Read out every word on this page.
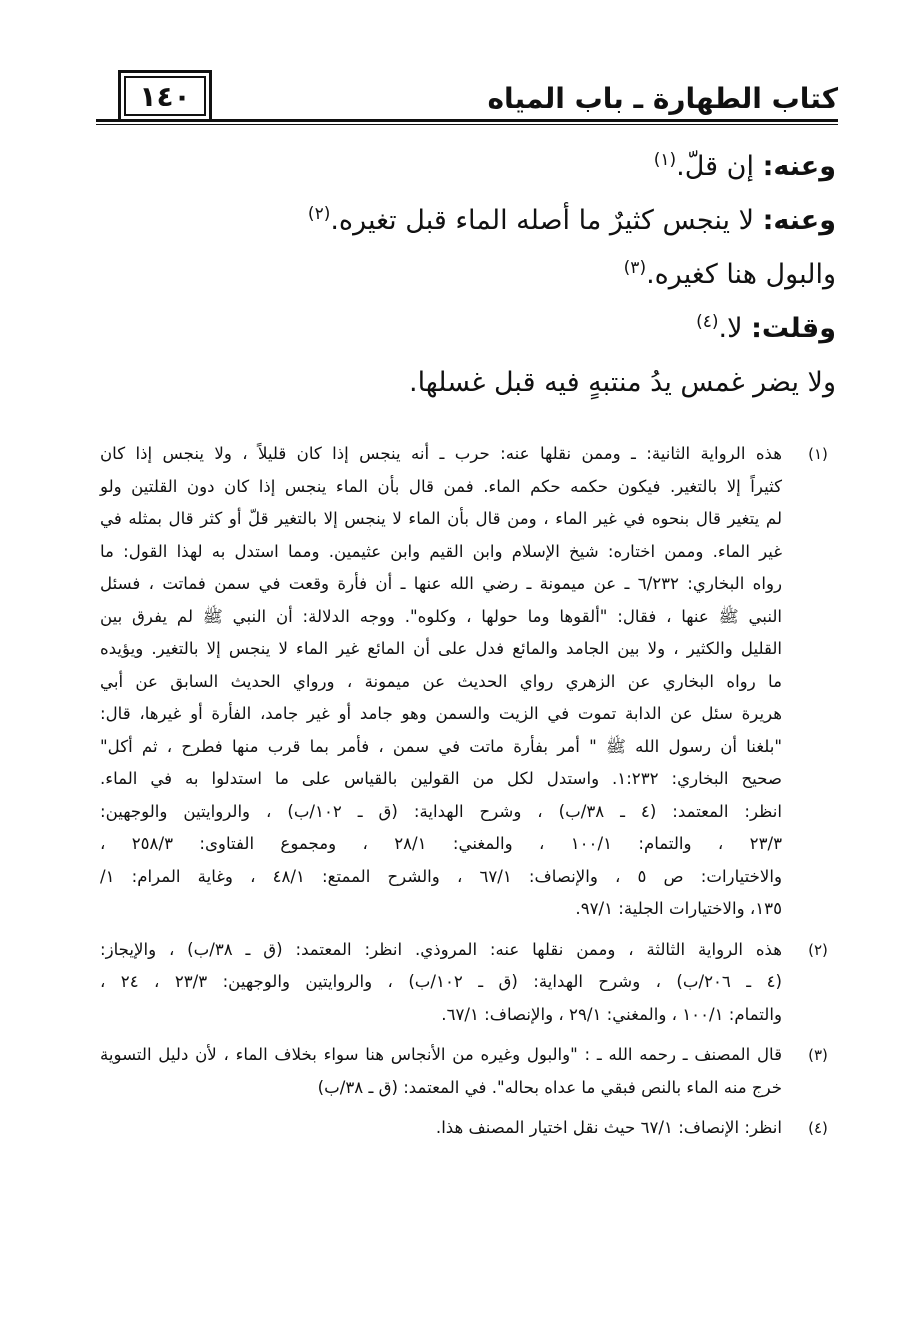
١٤٠	كتاب الطهارة ـ باب المياه
وعنه: إن قلّ.$^{(١)}$
وعنه: لا ينجس كثيرٌ ما أصله الماء قبل تغيره.$^{(٢)}$
والبول هنا كغيره.$^{(٣)}$
وقلت: لا.$^{(٤)}$
ولا يضر غمس يدُ منتبهٍ فيه قبل غسلها.
(١)
هذه الرواية الثانية: ـ وممن نقلها عنه: حرب ـ أنه ينجس إذا كان قليلاً ، ولا ينجس إذا كان
كثيراً إلا بالتغير. فيكون حكمه حكم الماء. فمن قال بأن الماء ينجس إذا كان دون القلتين ولو
لم يتغير قال بنحوه في غير الماء ، ومن قال بأن الماء لا ينجس إلا بالتغير قلّ أو كثر قال بمثله في
غير الماء. وممن اختاره: شيخ الإسلام وابن القيم وابن عثيمين. ومما استدل به لهذا القول: ما
رواه البخاري: ٦/٢٣٢ ـ عن ميمونة ـ رضي الله عنها ـ أن فأرة وقعت في سمن فماتت ، فسئل
النبي ﷺ عنها ، فقال: "ألقوها وما حولها ، وكلوه". ووجه الدلالة: أن النبي ﷺ لم يفرق بين
القليل والكثير ، ولا بين الجامد والمائع فدل على أن المائع غير الماء لا ينجس إلا بالتغير. ويؤيده
ما رواه البخاري عن الزهري رواي الحديث عن ميمونة ، ورواي الحديث السابق عن أبي
هريرة سئل عن الدابة تموت في الزيت والسمن وهو جامد أو غير جامد، الفأرة أو غيرها، قال:
"بلغنا أن رسول الله ﷺ " أمر بفأرة ماتت في سمن ، فأمر بما قرب منها فطرح ، ثم أكل"
صحيح البخاري: ١:٢٣٢. واستدل لكل من القولين بالقياس على ما استدلوا به في الماء.
انظر: المعتمد: (٤ ـ ٣٨/ب) ، وشرح الهداية: (ق ـ ١٠٢/ب) ، والروايتين والوجهين:
٢٣/٣ ، والتمام: ١٠٠/١ ، والمغني: ٢٨/١ ، ومجموع الفتاوى: ٢٥٨/٣ ،
والاختيارات: ص ٥ ، والإنصاف: ٦٧/١ ، والشرح الممتع: ٤٨/١ ، وغاية المرام: ١/
١٣٥، والاختيارات الجلية: ٩٧/١.
(٢)
هذه الرواية الثالثة ، وممن نقلها عنه: المروذي. انظر: المعتمد: (ق ـ ٣٨/ب) ، والإيجاز:
(٤ ـ ٢٠٦/ب) ، وشرح الهداية: (ق ـ ١٠٢/ب) ، والروايتين والوجهين: ٢٣/٣ ، ٢٤ ،
والتمام: ١٠٠/١ ، والمغني: ٢٩/١ ، والإنصاف: ٦٧/١.
(٣)
قال المصنف ـ رحمه الله ـ : "والبول وغيره من الأنجاس هنا سواء بخلاف الماء ، لأن دليل التسوية
خرج منه الماء بالنص فبقي ما عداه بحاله". في المعتمد: (ق ـ ٣٨/ب)
(٤)
انظر: الإنصاف: ٦٧/١ حيث نقل اختيار المصنف هذا.
